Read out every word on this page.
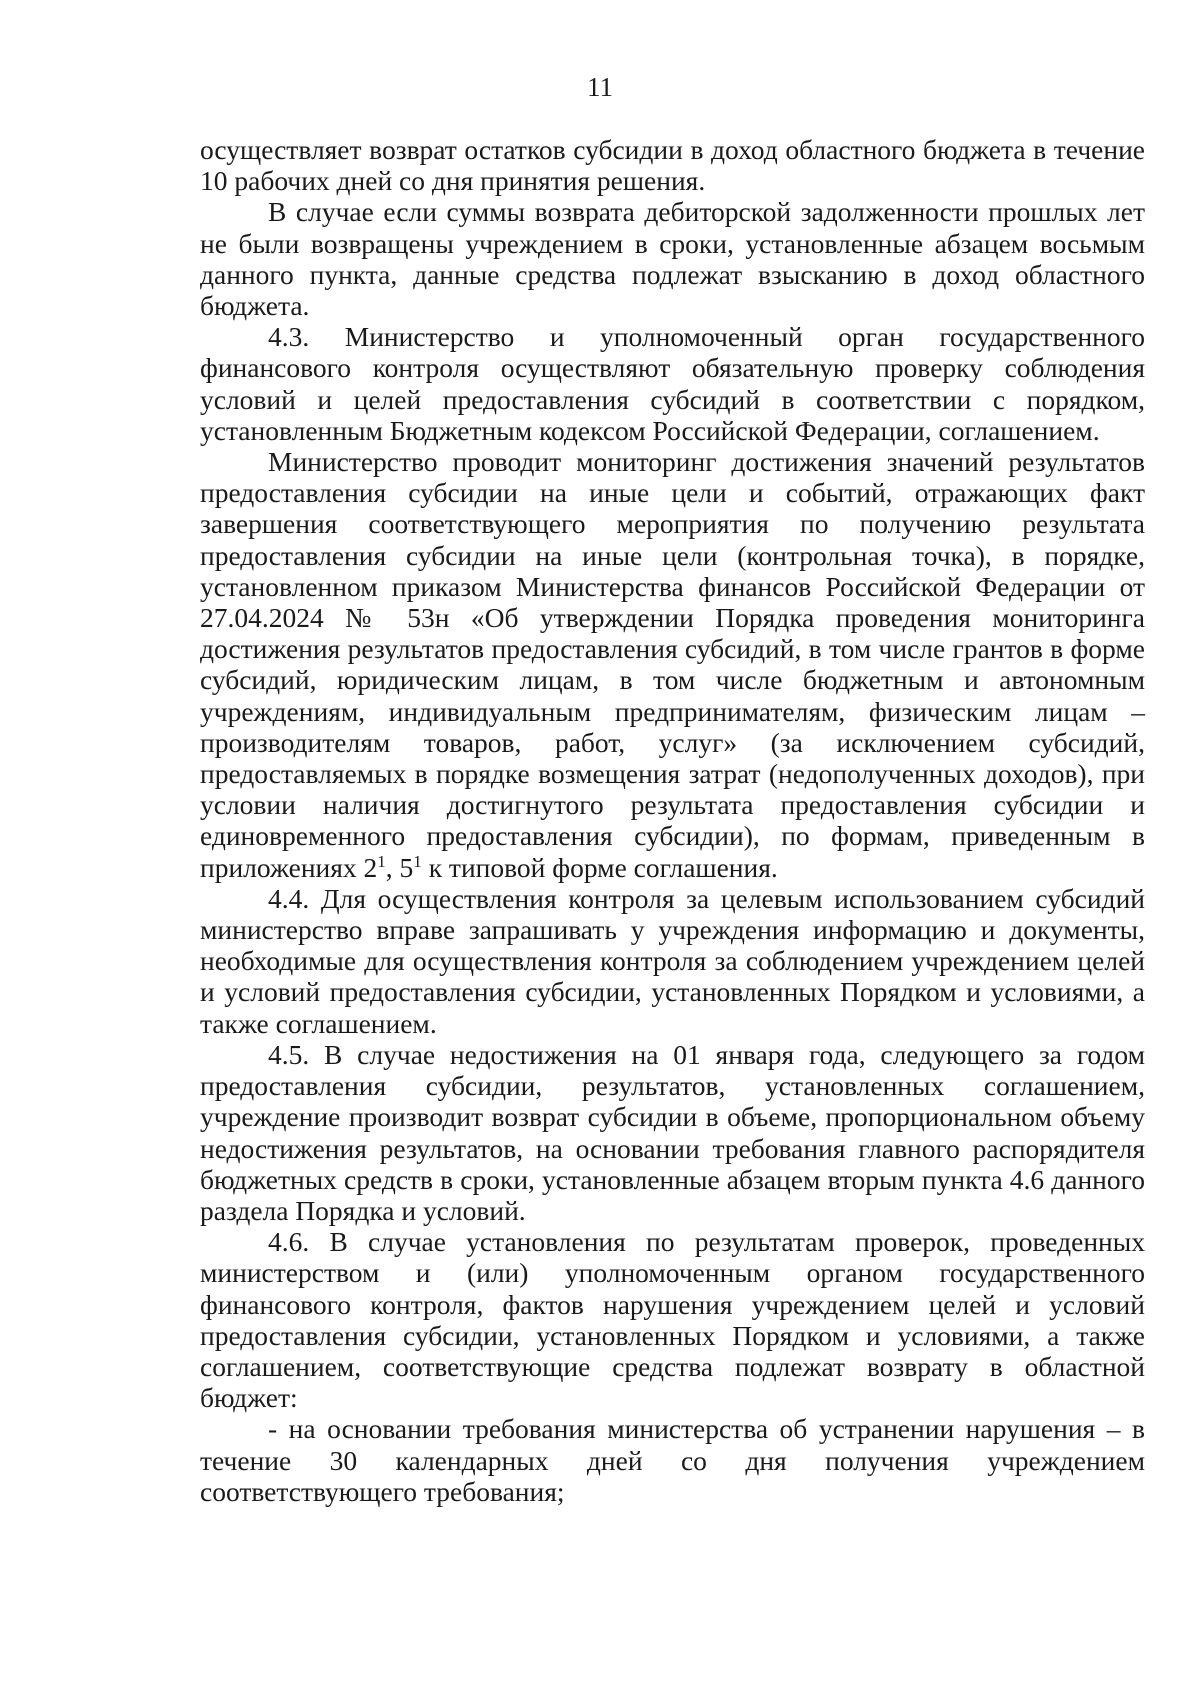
11

осуществляет возврат остатков субсидии в доход областного бюджета в течение 10 рабочих дней со дня принятия решения.

В случае если суммы возврата дебиторской задолженности прошлых лет не были возвращены учреждением в сроки, установленные абзацем восьмым данного пункта, данные средства подлежат взысканию в доход областного бюджета.

4.3. Министерство и уполномоченный орган государственного финансового контроля осуществляют обязательную проверку соблюдения условий и целей предоставления субсидий в соответствии с порядком, установленным Бюджетным кодексом Российской Федерации, соглашением.

Министерство проводит мониторинг достижения значений результатов предоставления субсидии на иные цели и событий, отражающих факт завершения соответствующего мероприятия по получению результата предоставления субсидии на иные цели (контрольная точка), в порядке, установленном приказом Министерства финансов Российской Федерации от 27.04.2024 № 53н «Об утверждении Порядка проведения мониторинга достижения результатов предоставления субсидий, в том числе грантов в форме субсидий, юридическим лицам, в том числе бюджетным и автономным учреждениям, индивидуальным предпринимателям, физическим лицам – производителям товаров, работ, услуг» (за исключением субсидий, предоставляемых в порядке возмещения затрат (недополученных доходов), при условии наличия достигнутого результата предоставления субсидии и единовременного предоставления субсидии), по формам, приведенным в приложениях $2^1$, $5^1$ к типовой форме соглашения.

4.4. Для осуществления контроля за целевым использованием субсидий министерство вправе запрашивать у учреждения информацию и документы, необходимые для осуществления контроля за соблюдением учреждением целей и условий предоставления субсидии, установленных Порядком и условиями, а также соглашением.

4.5. В случае недостижения на 01 января года, следующего за годом предоставления субсидии, результатов, установленных соглашением, учреждение производит возврат субсидии в объеме, пропорциональном объему недостижения результатов, на основании требования главного распорядителя бюджетных средств в сроки, установленные абзацем вторым пункта 4.6 данного раздела Порядка и условий.

4.6. В случае установления по результатам проверок, проведенных министерством и (или) уполномоченным органом государственного финансового контроля, фактов нарушения учреждением целей и условий предоставления субсидии, установленных Порядком и условиями, а также соглашением, соответствующие средства подлежат возврату в областной бюджет:

- на основании требования министерства об устранении нарушения – в течение 30 календарных дней со дня получения учреждением соответствующего требования;
